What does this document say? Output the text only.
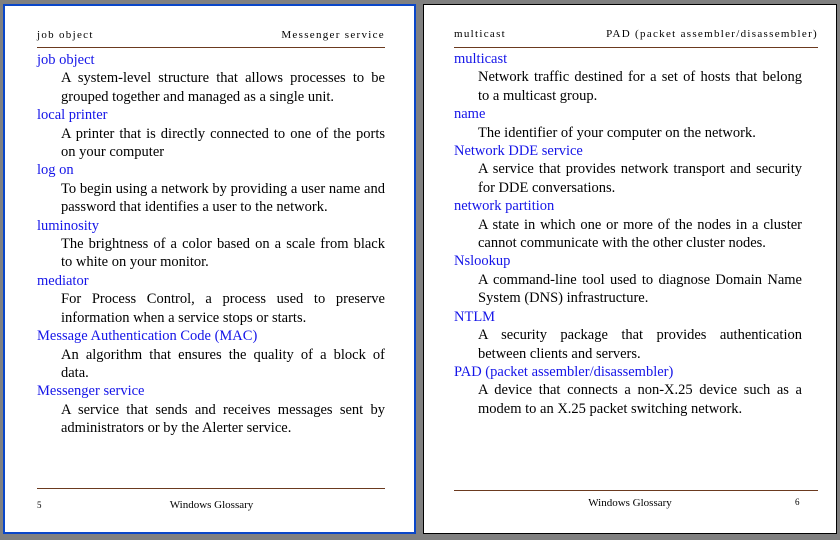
job object	Messenger service

job object

A system-level structure that allows processes to be grouped together and managed as a single unit.

local printer

A printer that is directly connected to one of the ports on your computer

log on

To begin using a network by providing a user name and password that identifies a user to the network.

luminosity

The brightness of a color based on a scale from black to white on your monitor.

mediator

For Process Control, a process used to preserve information when a service stops or starts.

Message Authentication Code (MAC)

An algorithm that ensures the quality of a block of data.

Messenger service

A service that sends and receives messages sent by administrators or by the Alerter service.

5	Windows Glossary
multicast	PAD (packet assembler/disassembler)

multicast

Network traffic destined for a set of hosts that belong to a multicast group.

name

The identifier of your computer on the network.

Network DDE service

A service that provides network transport and security for DDE conversations.

network partition

A state in which one or more of the nodes in a cluster cannot communicate with the other cluster nodes.

Nslookup

A command-line tool used to diagnose Domain Name System (DNS) infrastructure.

NTLM

A security package that provides authentication between clients and servers.

PAD (packet assembler/disassembler)

A device that connects a non-X.25 device such as a modem to an X.25 packet switching network.

Windows Glossary	6
